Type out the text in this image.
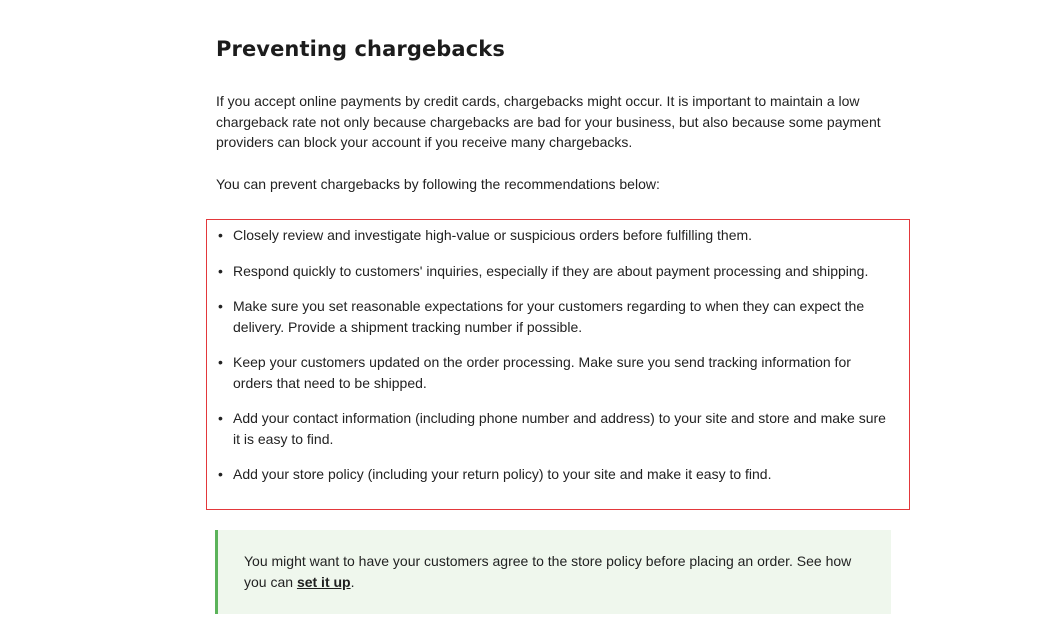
Preventing chargebacks

If you accept online payments by credit cards, chargebacks might occur. It is important to maintain a low chargeback rate not only because chargebacks are bad for your business, but also because some payment providers can block your account if you receive many chargebacks.

You can prevent chargebacks by following the recommendations below:

• Closely review and investigate high-value or suspicious orders before fulfilling them.
• Respond quickly to customers' inquiries, especially if they are about payment processing and shipping.
• Make sure you set reasonable expectations for your customers regarding to when they can expect the delivery. Provide a shipment tracking number if possible.
• Keep your customers updated on the order processing. Make sure you send tracking information for orders that need to be shipped.
• Add your contact information (including phone number and address) to your site and store and make sure it is easy to find.
• Add your store policy (including your return policy) to your site and make it easy to find.

You might want to have your customers agree to the store policy before placing an order. See how you can set it up.
